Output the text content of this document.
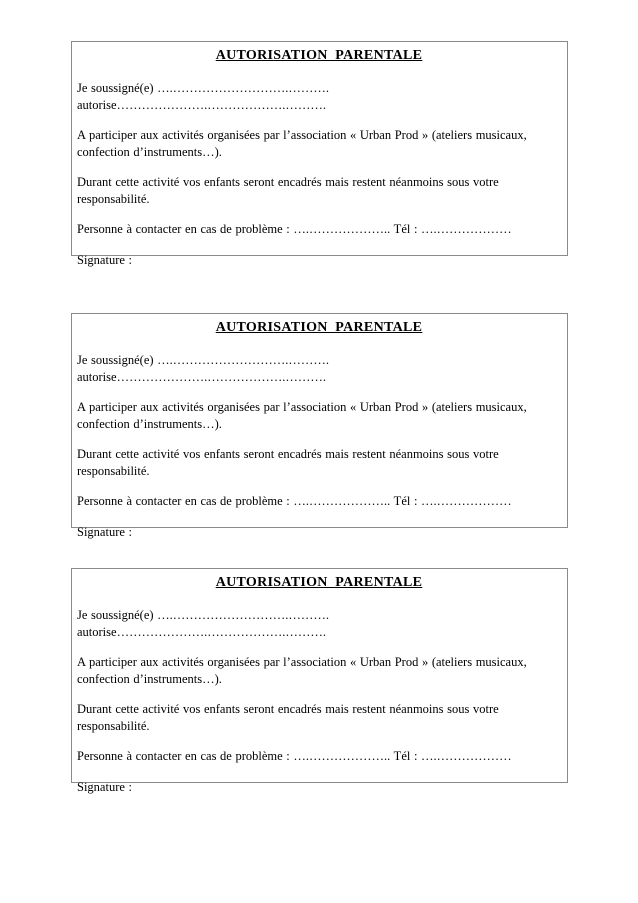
AUTORISATION  PARENTALE

Je soussigné(e) ….……………………….………. autorise………………….……………….……….

A participer aux activités organisées par l’association « Urban Prod » (ateliers musicaux,
confection d’instruments…).

Durant cette activité vos enfants seront encadrés mais restent néanmoins sous votre
responsabilité.

Personne à contacter en cas de problème : ….……………….. Tél : ….………………

Signature :

AUTORISATION  PARENTALE

Je soussigné(e) ….……………………….………. autorise………………….……………….……….

A participer aux activités organisées par l’association « Urban Prod » (ateliers musicaux,
confection d’instruments…).

Durant cette activité vos enfants seront encadrés mais restent néanmoins sous votre
responsabilité.

Personne à contacter en cas de problème : ….……………….. Tél : ….………………

Signature :

AUTORISATION  PARENTALE

Je soussigné(e) ….……………………….………. autorise………………….……………….……….

A participer aux activités organisées par l’association « Urban Prod » (ateliers musicaux,
confection d’instruments…).

Durant cette activité vos enfants seront encadrés mais restent néanmoins sous votre
responsabilité.

Personne à contacter en cas de problème : ….……………….. Tél : ….………………

Signature :
